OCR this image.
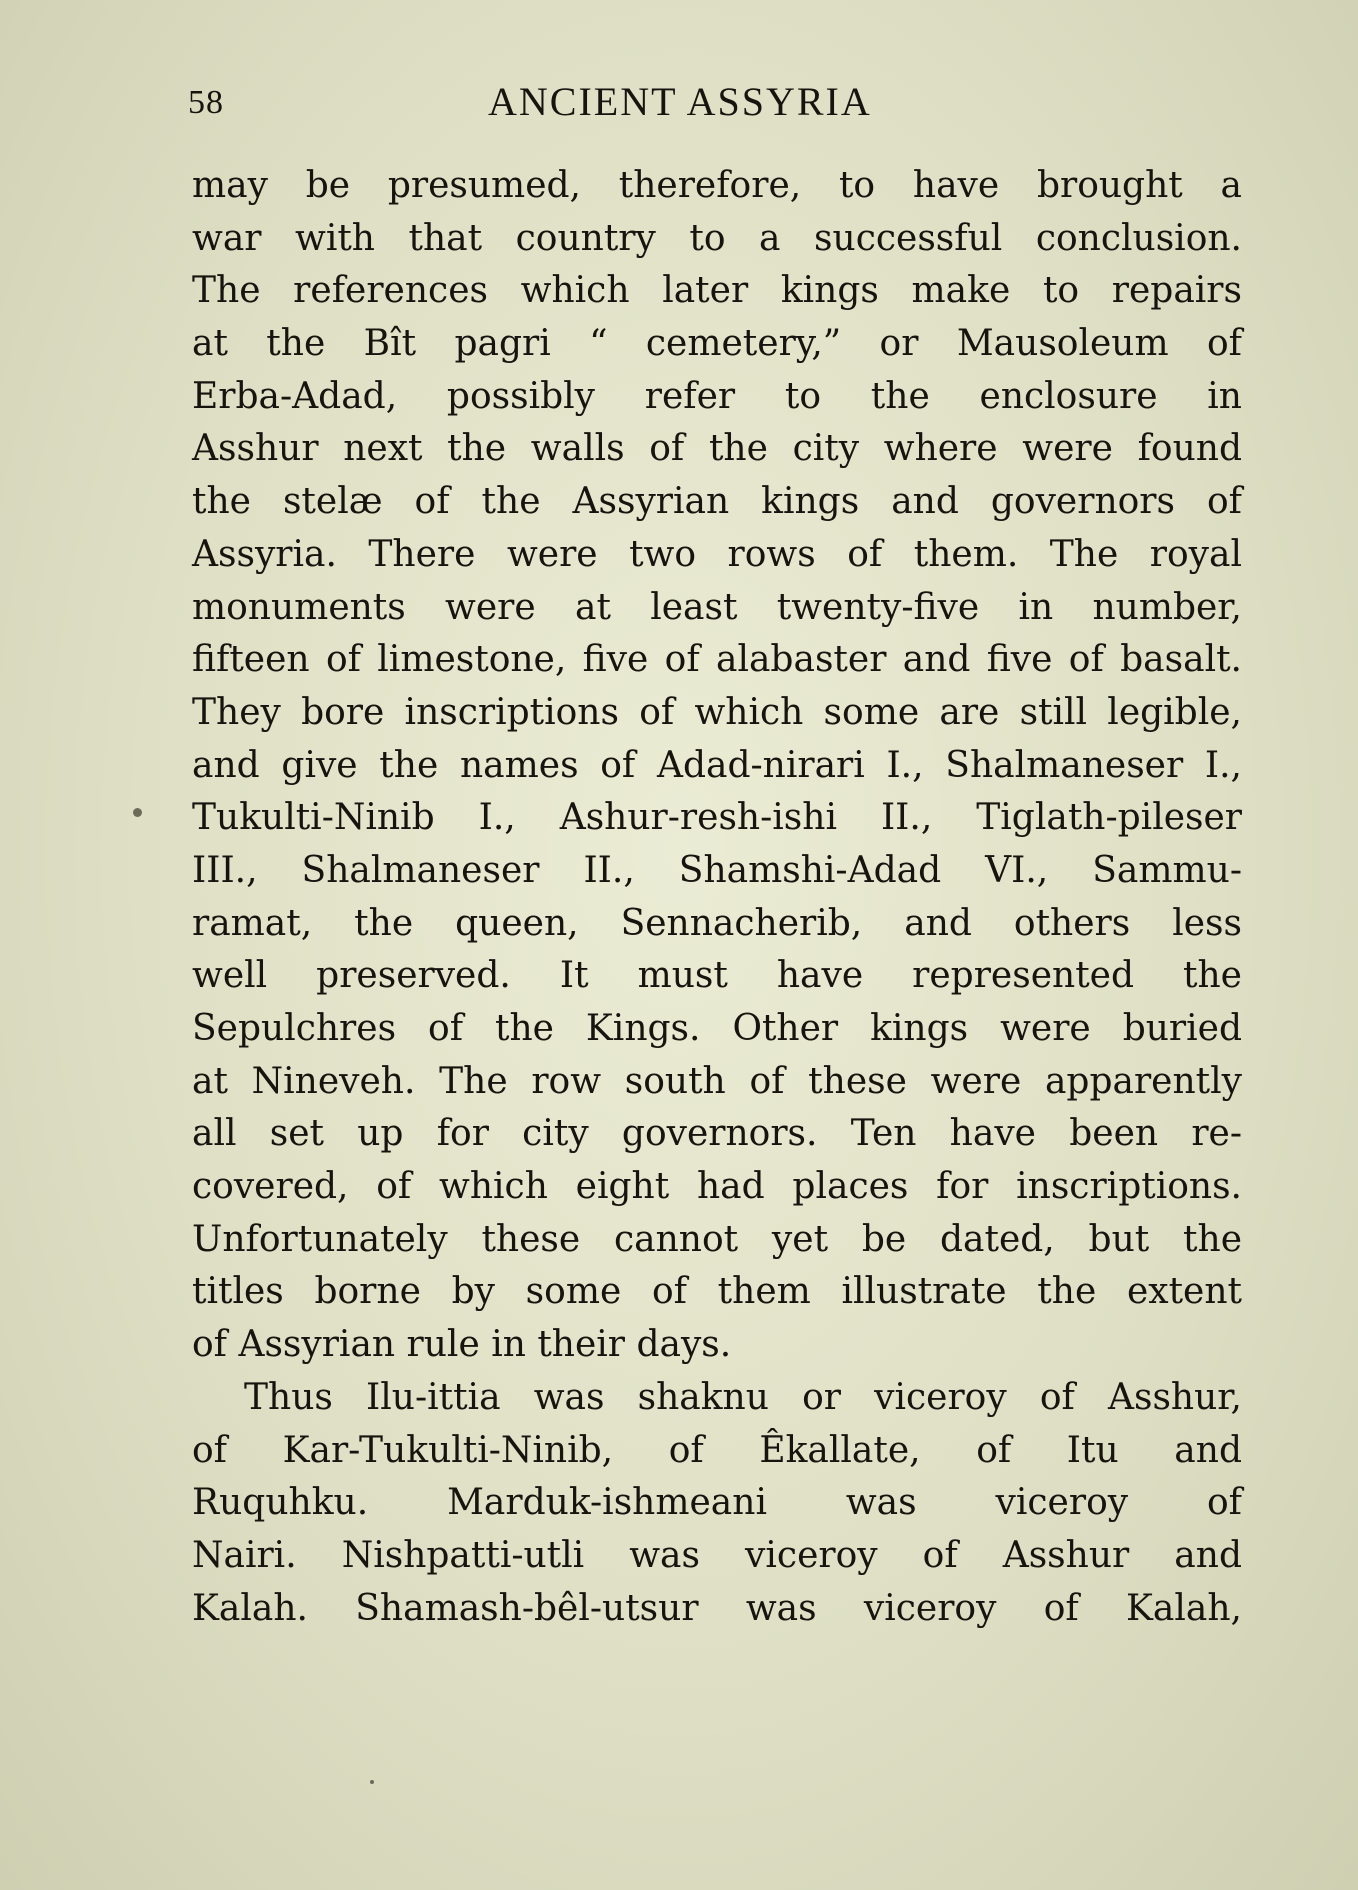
58	ANCIENT ASSYRIA
may be presumed, therefore, to have brought a
war with that country to a successful conclusion.
The references which later kings make to repairs
at the Bît pagri “ cemetery,” or Mausoleum of
Erba-Adad, possibly refer to the enclosure in
Asshur next the walls of the city where were found
the stelæ of the Assyrian kings and governors of
Assyria. There were two rows of them. The royal
monuments were at least twenty-five in number,
fifteen of limestone, five of alabaster and five of basalt.
They bore inscriptions of which some are still legible,
and give the names of Adad-nirari I., Shalmaneser I.,
Tukulti-Ninib I., Ashur-resh-ishi II., Tiglath-pileser
III., Shalmaneser II., Shamshi-Adad VI., Sammu-
ramat, the queen, Sennacherib, and others less
well preserved. It must have represented the
Sepulchres of the Kings. Other kings were buried
at Nineveh. The row south of these were apparently
all set up for city governors. Ten have been re-
covered, of which eight had places for inscriptions.
Unfortunately these cannot yet be dated, but the
titles borne by some of them illustrate the extent
of Assyrian rule in their days.
Thus Ilu-ittia was shaknu or viceroy of Asshur,
of Kar-Tukulti-Ninib, of Êkallate, of Itu and
Ruquhku. Marduk-ishmeani was viceroy of
Nairi. Nishpatti-utli was viceroy of Asshur and
Kalah. Shamash-bêl-utsur was viceroy of Kalah,
